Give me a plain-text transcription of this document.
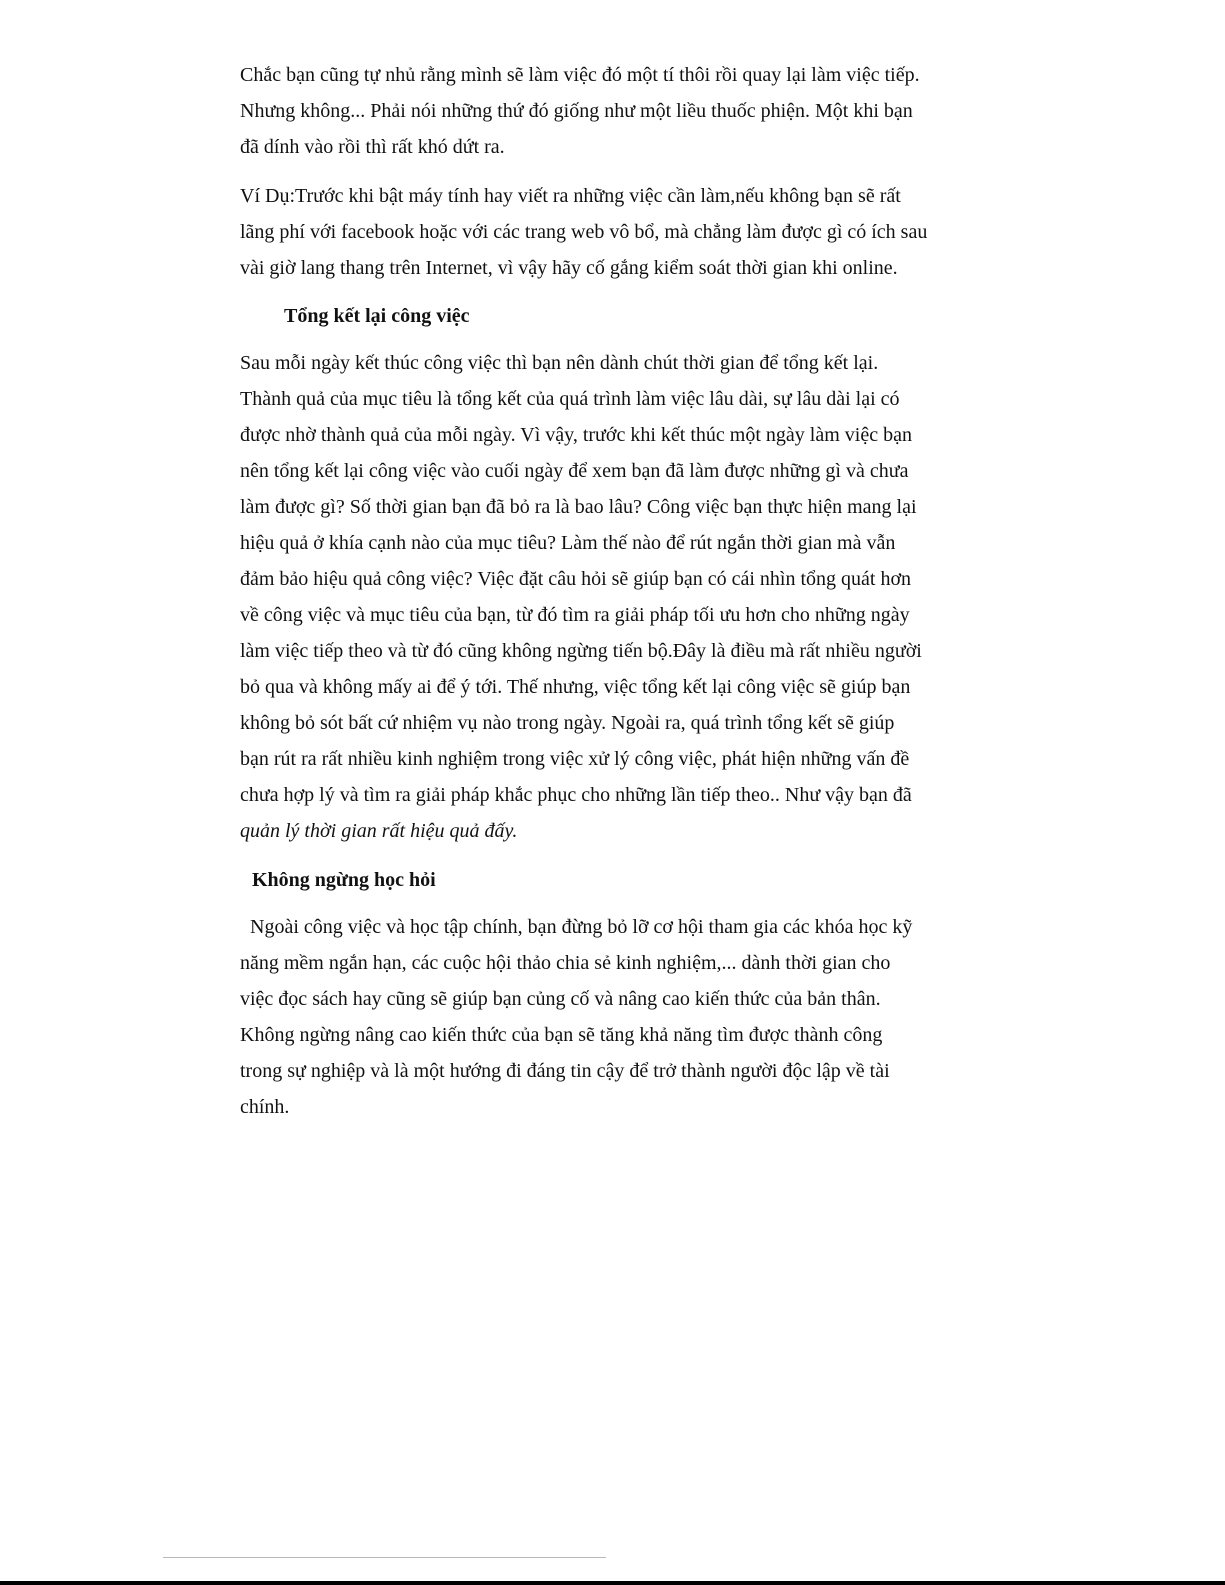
Chắc bạn cũng tự nhủ rằng mình sẽ làm việc đó một tí thôi rồi quay lại làm việc tiếp.
Nhưng không... Phải nói những thứ đó giống như một liều thuốc phiện. Một khi bạn
đã dính vào rồi thì rất khó dứt ra.
Ví Dụ:Trước khi bật máy tính hay viết ra những việc cần làm,nếu không bạn sẽ rất
lãng phí với facebook hoặc với các trang web vô bổ, mà chẳng làm được gì có ích sau
vài giờ lang thang trên Internet, vì vậy hãy cố gắng kiểm soát thời gian khi online.
Tổng kết lại công việc
Sau mỗi ngày kết thúc công việc thì bạn nên dành chút thời gian để tổng kết lại.
Thành quả của mục tiêu là tổng kết của quá trình làm việc lâu dài, sự lâu dài lại có
được nhờ thành quả của mỗi ngày. Vì vậy, trước khi kết thúc một ngày làm việc bạn
nên tổng kết lại công việc vào cuối ngày để xem bạn đã làm được những gì và chưa
làm được gì? Số thời gian bạn đã bỏ ra là bao lâu? Công việc bạn thực hiện mang lại
hiệu quả ở khía cạnh nào của mục tiêu? Làm thế nào để rút ngắn thời gian mà vẫn
đảm bảo hiệu quả công việc? Việc đặt câu hỏi sẽ giúp bạn có cái nhìn tổng quát hơn
về công việc và mục tiêu của bạn, từ đó tìm ra giải pháp tối ưu hơn cho những ngày
làm việc tiếp theo và từ đó cũng không ngừng tiến bộ.Đây là điều mà rất nhiều người
bỏ qua và không mấy ai để ý tới. Thế nhưng, việc tổng kết lại công việc sẽ giúp bạn
không bỏ sót bất cứ nhiệm vụ nào trong ngày. Ngoài ra, quá trình tổng kết sẽ giúp
bạn rút ra rất nhiều kinh nghiệm trong việc xử lý công việc, phát hiện những vấn đề
chưa hợp lý và tìm ra giải pháp khắc phục cho những lần tiếp theo.. Như vậy bạn đã
quản lý thời gian rất hiệu quả đấy.
Không ngừng học hỏi
Ngoài công việc và học tập chính, bạn đừng bỏ lỡ cơ hội tham gia các khóa học kỹ
năng mềm ngắn hạn, các cuộc hội thảo chia sẻ kinh nghiệm,... dành thời gian cho
việc đọc sách hay cũng sẽ giúp bạn củng cố và nâng cao kiến thức của bản thân.
Không ngừng nâng cao kiến thức của bạn sẽ tăng khả năng tìm được thành công
trong sự nghiệp và là một hướng đi đáng tin cậy để trở thành người độc lập về tài
chính.
